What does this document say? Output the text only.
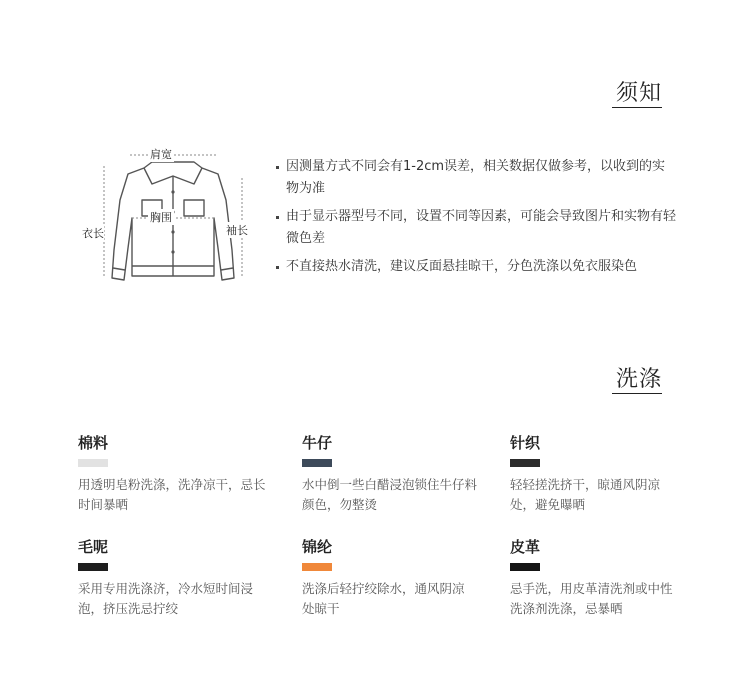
须知
肩宽
胸围
衣长	袖长
因测量方式不同会有1-2cm误差，相关数据仅做参考，以收到的实物为准
由于显示器型号不同，设置不同等因素，可能会导致图片和实物有轻微色差
不直接热水清洗，建议反面悬挂晾干，分色洗涤以免衣服染色
洗涤
棉料
用透明皂粉洗涤，洗净凉干，忌长时间暴晒
牛仔
水中倒一些白醋浸泡锁住牛仔料颜色，勿整烫
针织
轻轻搓洗挤干，晾通风阴凉处，避免曝晒
毛呢
采用专用洗涤济，冷水短时间浸泡，挤压洗忌拧绞
锦纶
洗涤后轻拧绞除水，通风阴凉处晾干
皮革
忌手洗，用皮革清洗剂或中性洗涤剂洗涤，忌暴晒
